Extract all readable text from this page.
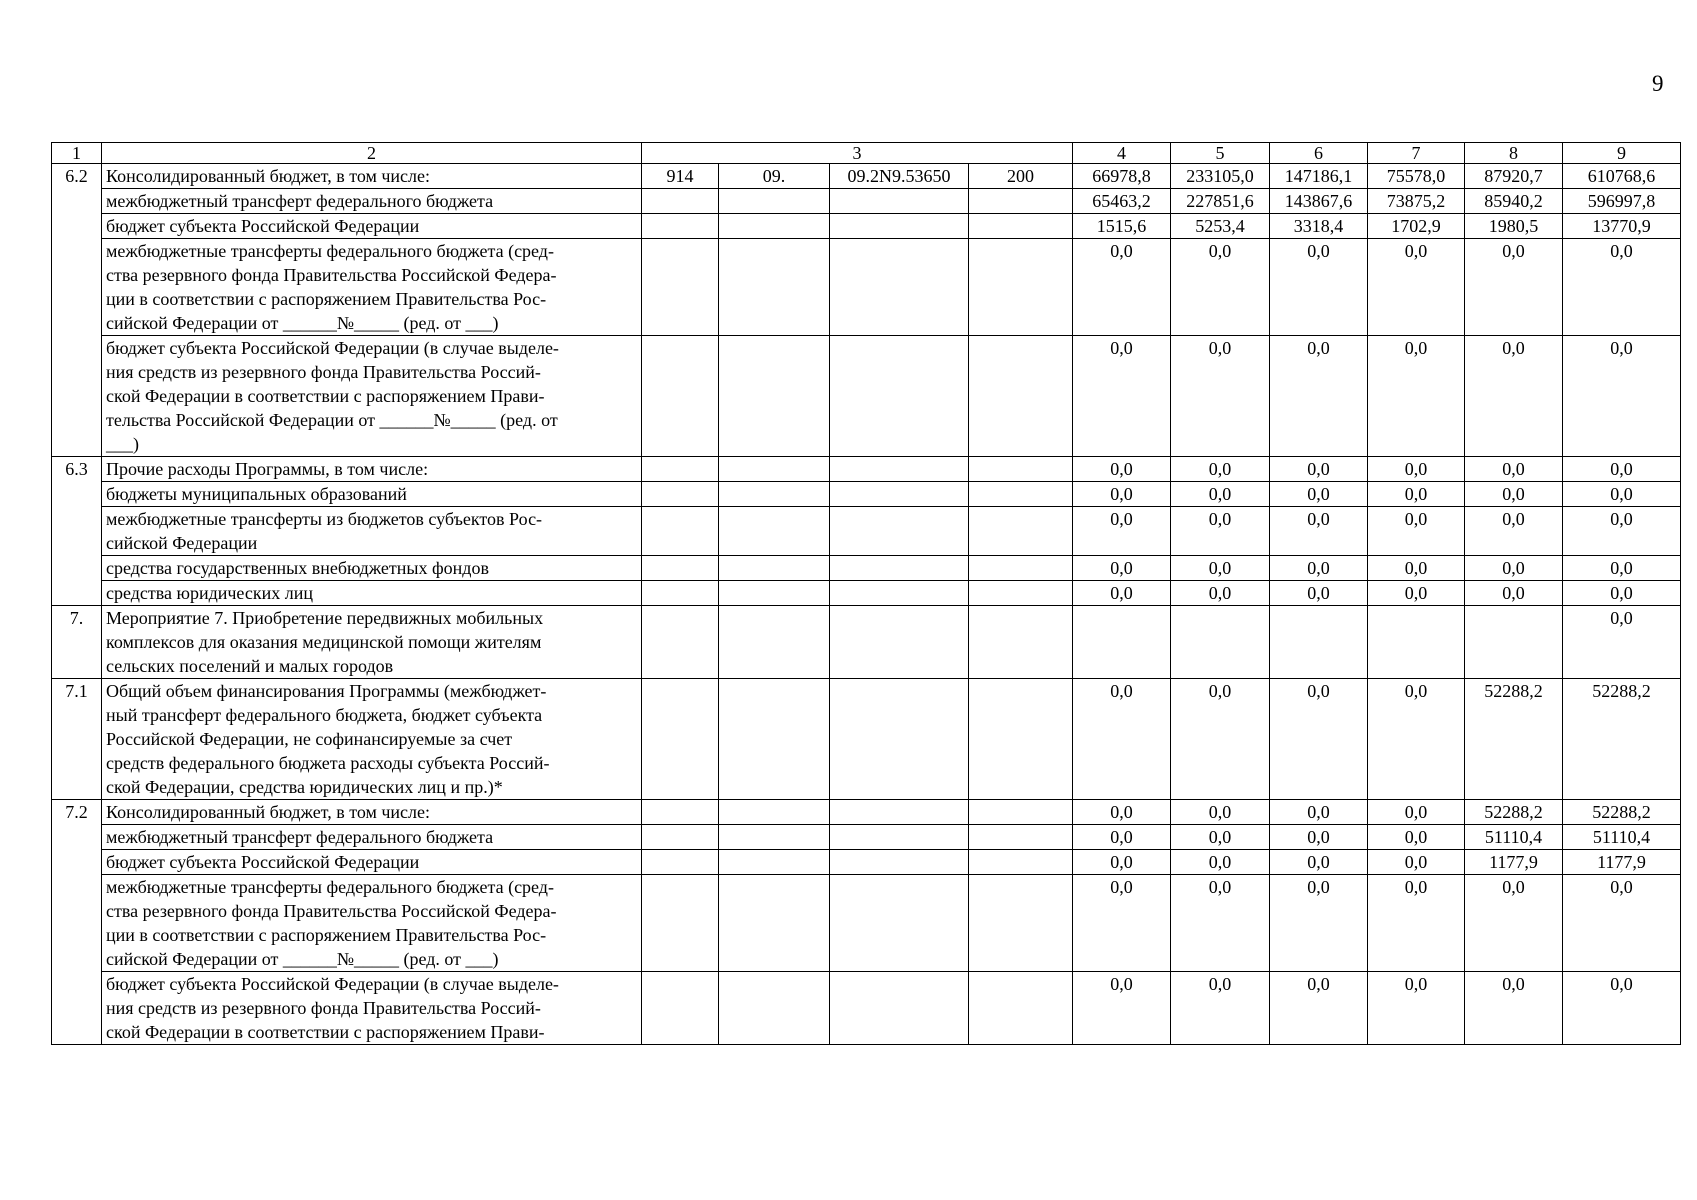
9
1	2	3				4	5	6	7	8	9
6.2	Консолидированный бюджет, в том числе:	914	09.	09.2N9.53650	200	66978,8	233105,0	147186,1	75578,0	87920,7	610768,6

	межбюджетный трансферт федерального бюджета					65463,2	227851,6	143867,6	73875,2	85940,2	596997,8

	бюджет субъекта Российской Федерации					1515,6	5253,4	3318,4	1702,9	1980,5	13770,9

	межбюджетные трансферты федерального бюджета (сред-
ства резервного фонда Правительства Российской Федера-
ции в соответствии с распоряжением Правительства Рос-
сийской Федерации от ______№_____ (ред. от ___)					0,0	0,0	0,0	0,0	0,0	0,0

	бюджет субъекта Российской Федерации (в случае выделе-
ния средств из резервного фонда Правительства Россий-
ской Федерации в соответствии с распоряжением Прави-
тельства Российской Федерации от ______№_____ (ред. от
___)					0,0	0,0	0,0	0,0	0,0	0,0
6.3	Прочие расходы Программы, в том числе:					0,0	0,0	0,0	0,0	0,0	0,0

	бюджеты муниципальных образований					0,0	0,0	0,0	0,0	0,0	0,0

	межбюджетные трансферты из бюджетов субъектов Рос-
сийской Федерации					0,0	0,0	0,0	0,0	0,0	0,0

	средства государственных внебюджетных фондов					0,0	0,0	0,0	0,0	0,0	0,0

	средства юридических лиц					0,0	0,0	0,0	0,0	0,0	0,0
7.	Мероприятие 7. Приобретение передвижных мобильных
комплексов для оказания медицинской помощи жителям
сельских поселений и малых городов										0,0
7.1	Общий объем финансирования Программы (межбюджет-
ный трансферт федерального бюджета, бюджет субъекта
Российской Федерации, не софинансируемые за счет
средств федерального бюджета расходы субъекта Россий-
ской Федерации, средства юридических лиц и пр.)*					0,0	0,0	0,0	0,0	52288,2	52288,2
7.2	Консолидированный бюджет, в том числе:					0,0	0,0	0,0	0,0	52288,2	52288,2

	межбюджетный трансферт федерального бюджета					0,0	0,0	0,0	0,0	51110,4	51110,4

	бюджет субъекта Российской Федерации					0,0	0,0	0,0	0,0	1177,9	1177,9

	межбюджетные трансферты федерального бюджета (сред-
ства резервного фонда Правительства Российской Федера-
ции в соответствии с распоряжением Правительства Рос-
сийской Федерации от ______№_____ (ред. от ___)					0,0	0,0	0,0	0,0	0,0	0,0

	бюджет субъекта Российской Федерации (в случае выделе-
ния средств из резервного фонда Правительства Россий-
ской Федерации в соответствии с распоряжением Прави-					0,0	0,0	0,0	0,0	0,0	0,0
